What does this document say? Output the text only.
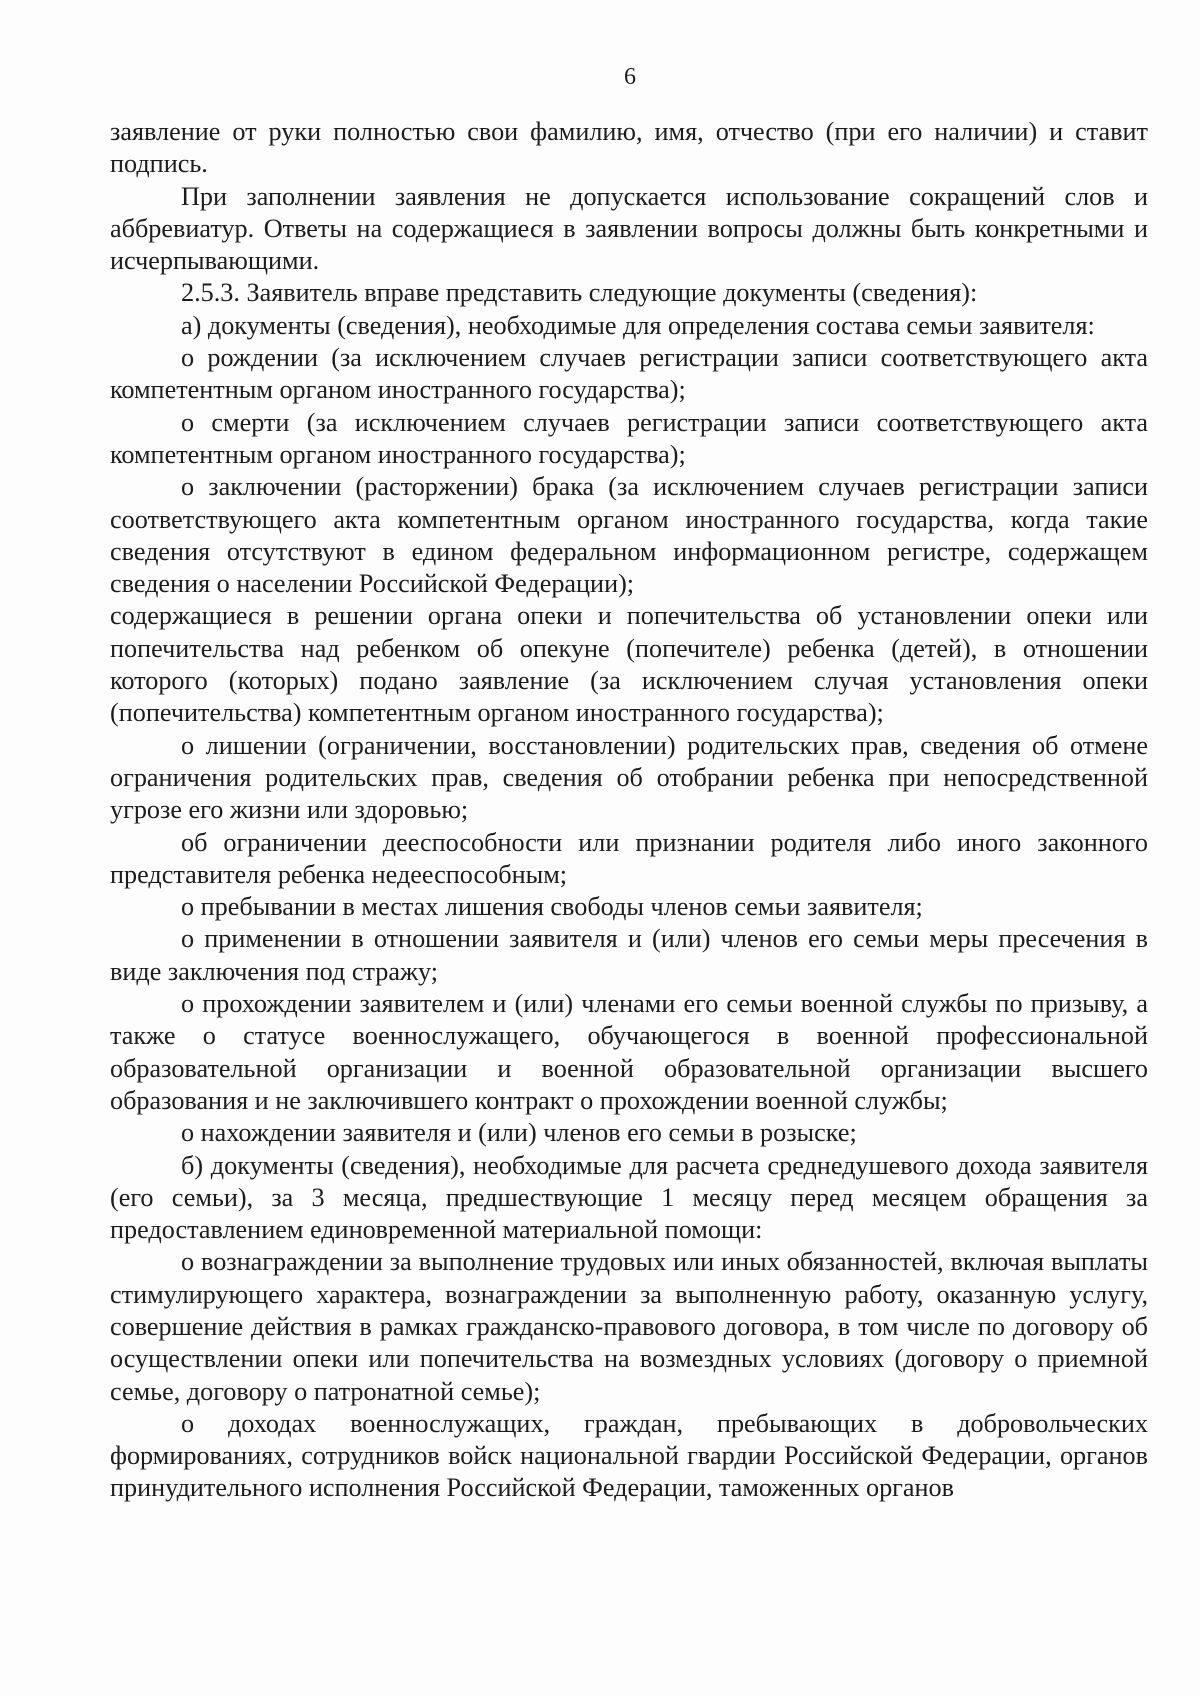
6

заявление от руки полностью свои фамилию, имя, отчество (при его наличии) и ставит подпись.

При заполнении заявления не допускается использование сокращений слов и аббревиатур. Ответы на содержащиеся в заявлении вопросы должны быть конкретными и исчерпывающими.

2.5.3. Заявитель вправе представить следующие документы (сведения):

а) документы (сведения), необходимые для определения состава семьи заявителя:

о рождении (за исключением случаев регистрации записи соответствующего акта компетентным органом иностранного государства);

о смерти (за исключением случаев регистрации записи соответствующего акта компетентным органом иностранного государства);

о заключении (расторжении) брака (за исключением случаев регистрации записи соответствующего акта компетентным органом иностранного государства, когда такие сведения отсутствуют в едином федеральном информационном регистре, содержащем сведения о населении Российской Федерации);

содержащиеся в решении органа опеки и попечительства об установлении опеки или попечительства над ребенком об опекуне (попечителе) ребенка (детей), в отношении которого (которых) подано заявление (за исключением случая установления опеки (попечительства) компетентным органом иностранного государства);

о лишении (ограничении, восстановлении) родительских прав, сведения об отмене ограничения родительских прав, сведения об отобрании ребенка при непосредственной угрозе его жизни или здоровью;

об ограничении дееспособности или признании родителя либо иного законного представителя ребенка недееспособным;

о пребывании в местах лишения свободы членов семьи заявителя;

о применении в отношении заявителя и (или) членов его семьи меры пресечения в виде заключения под стражу;

о прохождении заявителем и (или) членами его семьи военной службы по призыву, а также о статусе военнослужащего, обучающегося в военной профессиональной образовательной организации и военной образовательной организации высшего образования и не заключившего контракт о прохождении военной службы;

о нахождении заявителя и (или) членов его семьи в розыске;

б) документы (сведения), необходимые для расчета среднедушевого дохода заявителя (его семьи), за 3 месяца, предшествующие 1 месяцу перед месяцем обращения за предоставлением единовременной материальной помощи:

о вознаграждении за выполнение трудовых или иных обязанностей, включая выплаты стимулирующего характера, вознаграждении за выполненную работу, оказанную услугу, совершение действия в рамках гражданско-правового договора, в том числе по договору об осуществлении опеки или попечительства на возмездных условиях (договору о приемной семье, договору о патронатной семье);

о доходах военнослужащих, граждан, пребывающих в добровольческих формированиях, сотрудников войск национальной гвардии Российской Федерации, органов принудительного исполнения Российской Федерации, таможенных органов
